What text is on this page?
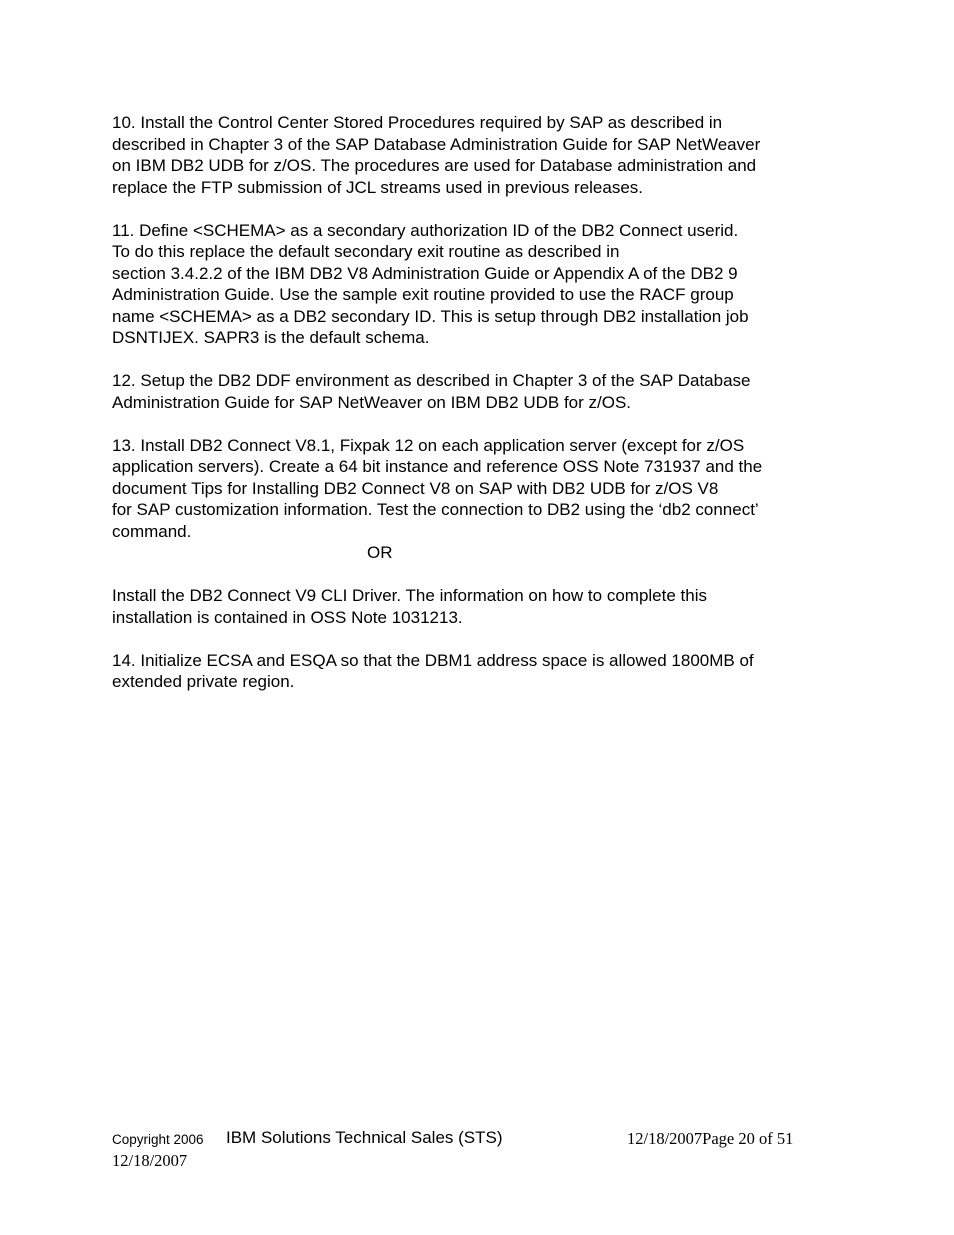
10. Install the Control Center Stored Procedures required by SAP as described in
described in Chapter 3 of the SAP Database Administration Guide for SAP NetWeaver
on IBM DB2 UDB for z/OS. The procedures are used for Database administration and
replace the FTP submission of JCL streams used in previous releases.

11. Define <SCHEMA> as a secondary authorization ID of the DB2 Connect userid.
To do this replace the default secondary exit routine as described in
section 3.4.2.2 of the IBM DB2 V8 Administration Guide or Appendix A of the DB2 9
Administration Guide. Use the sample exit routine provided to use the RACF group
name <SCHEMA> as a DB2 secondary ID. This is setup through DB2 installation job
DSNTIJEX. SAPR3 is the default schema.

12. Setup the DB2 DDF environment as described in Chapter 3 of the SAP Database
Administration Guide for SAP NetWeaver on IBM DB2 UDB for z/OS.

13. Install DB2 Connect V8.1, Fixpak 12 on each application server (except for z/OS
application servers). Create a 64 bit instance and reference OSS Note 731937 and the
document Tips for Installing DB2 Connect V8 on SAP with DB2 UDB for z/OS V8
for SAP customization information. Test the connection to DB2 using the ‘db2 connect’
command.
OR

Install the DB2 Connect V9 CLI Driver. The information on how to complete this
installation is contained in OSS Note 1031213.

14. Initialize ECSA and ESQA so that the DBM1 address space is allowed 1800MB of
extended private region.

Copyright 2006 IBM Solutions Technical Sales (STS)	12/18/2007Page 20 of 51
12/18/2007
